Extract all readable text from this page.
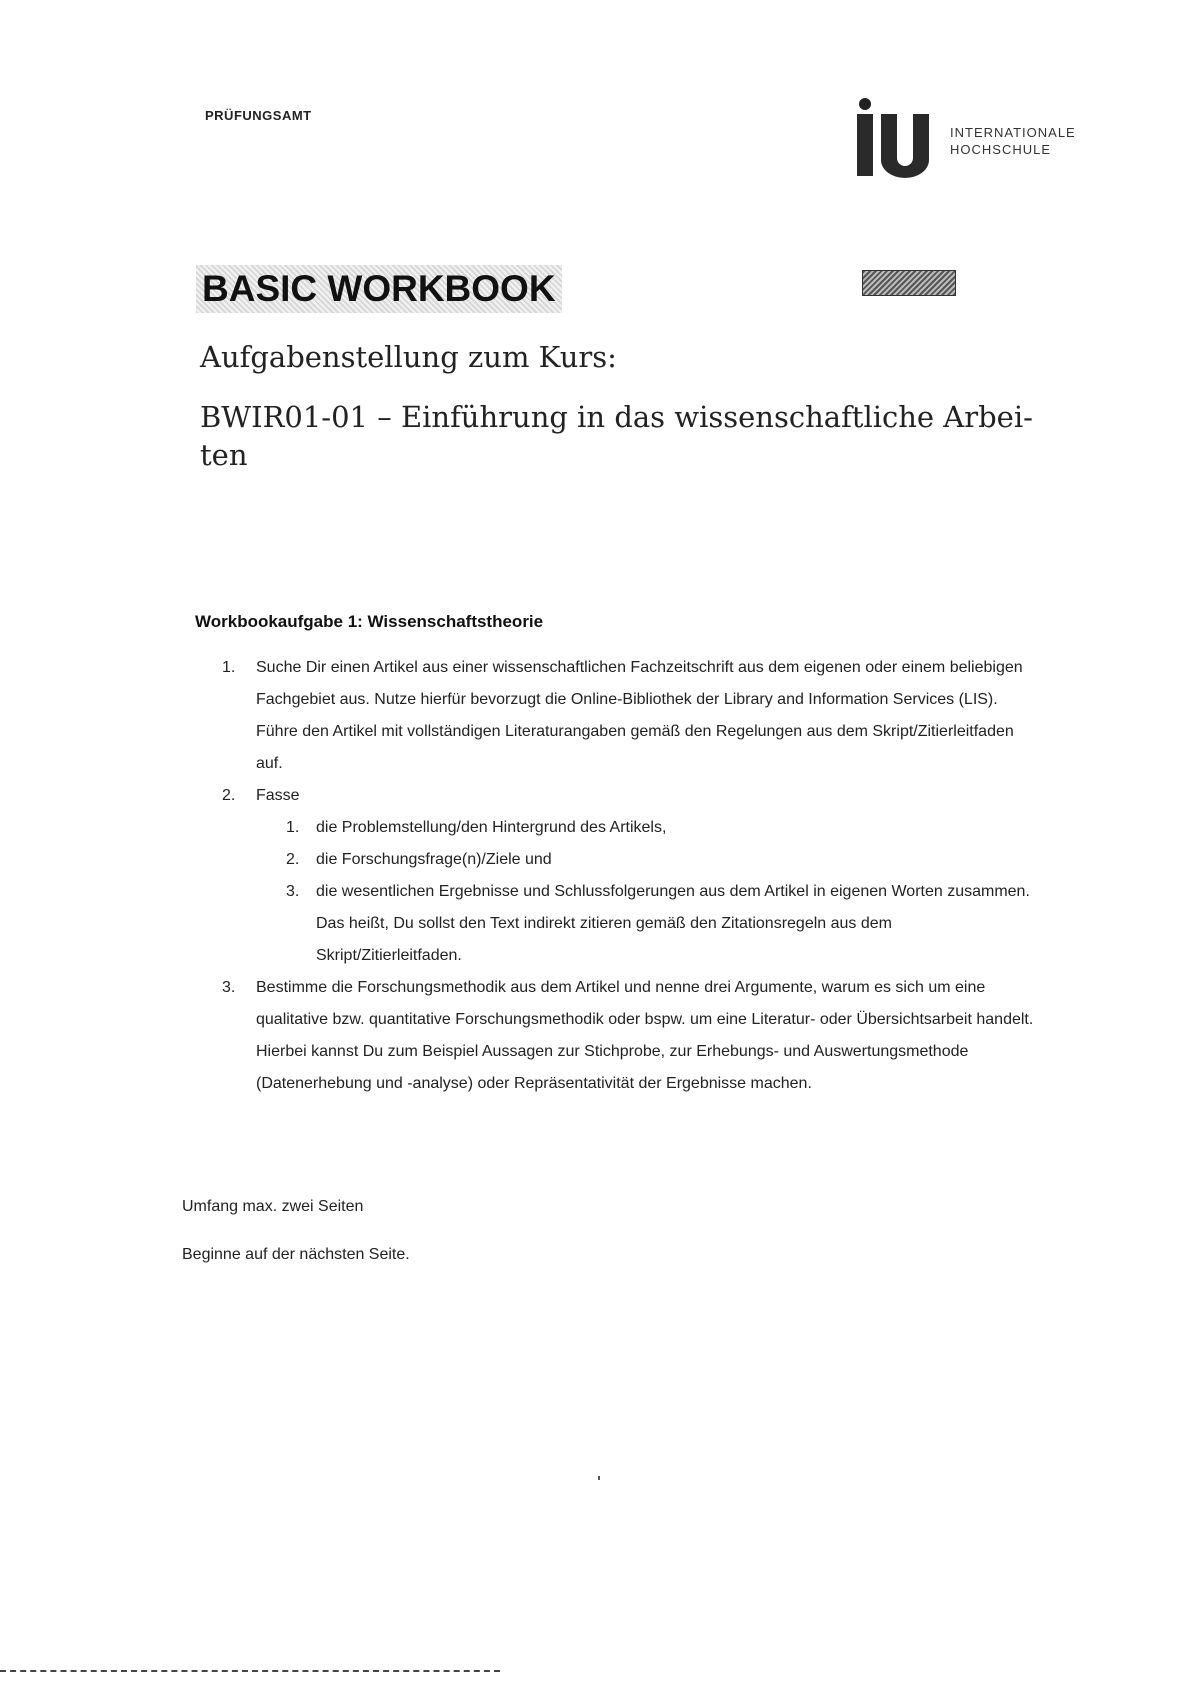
PRÜFUNGSAMT
INTERNATIONALE
HOCHSCHULE
BASIC WORKBOOK
Aufgabenstellung zum Kurs:
BWIR01-01 – Einführung in das wissenschaftliche Arbeiten
Workbookaufgabe 1: Wissenschaftstheorie
1. Suche Dir einen Artikel aus einer wissenschaftlichen Fachzeitschrift aus dem eigenen oder einem beliebigen Fachgebiet aus. Nutze hierfür bevorzugt die Online-Bibliothek der Library and Information Services (LIS). Führe den Artikel mit vollständigen Literaturangaben gemäß den Regelungen aus dem Skript/Zitierleitfaden auf.
2. Fasse
1. die Problemstellung/den Hintergrund des Artikels,
2. die Forschungsfrage(n)/Ziele und
3. die wesentlichen Ergebnisse und Schlussfolgerungen aus dem Artikel in eigenen Worten zusammen. Das heißt, Du sollst den Text indirekt zitieren gemäß den Zitationsregeln aus dem Skript/Zitierleitfaden.
3. Bestimme die Forschungsmethodik aus dem Artikel und nenne drei Argumente, warum es sich um eine qualitative bzw. quantitative Forschungsmethodik oder bspw. um eine Literatur- oder Übersichtsarbeit handelt. Hierbei kannst Du zum Beispiel Aussagen zur Stichprobe, zur Erhebungs- und Auswertungsmethode (Datenerhebung und -analyse) oder Repräsentativität der Ergebnisse machen.
Umfang max. zwei Seiten
Beginne auf der nächsten Seite.
